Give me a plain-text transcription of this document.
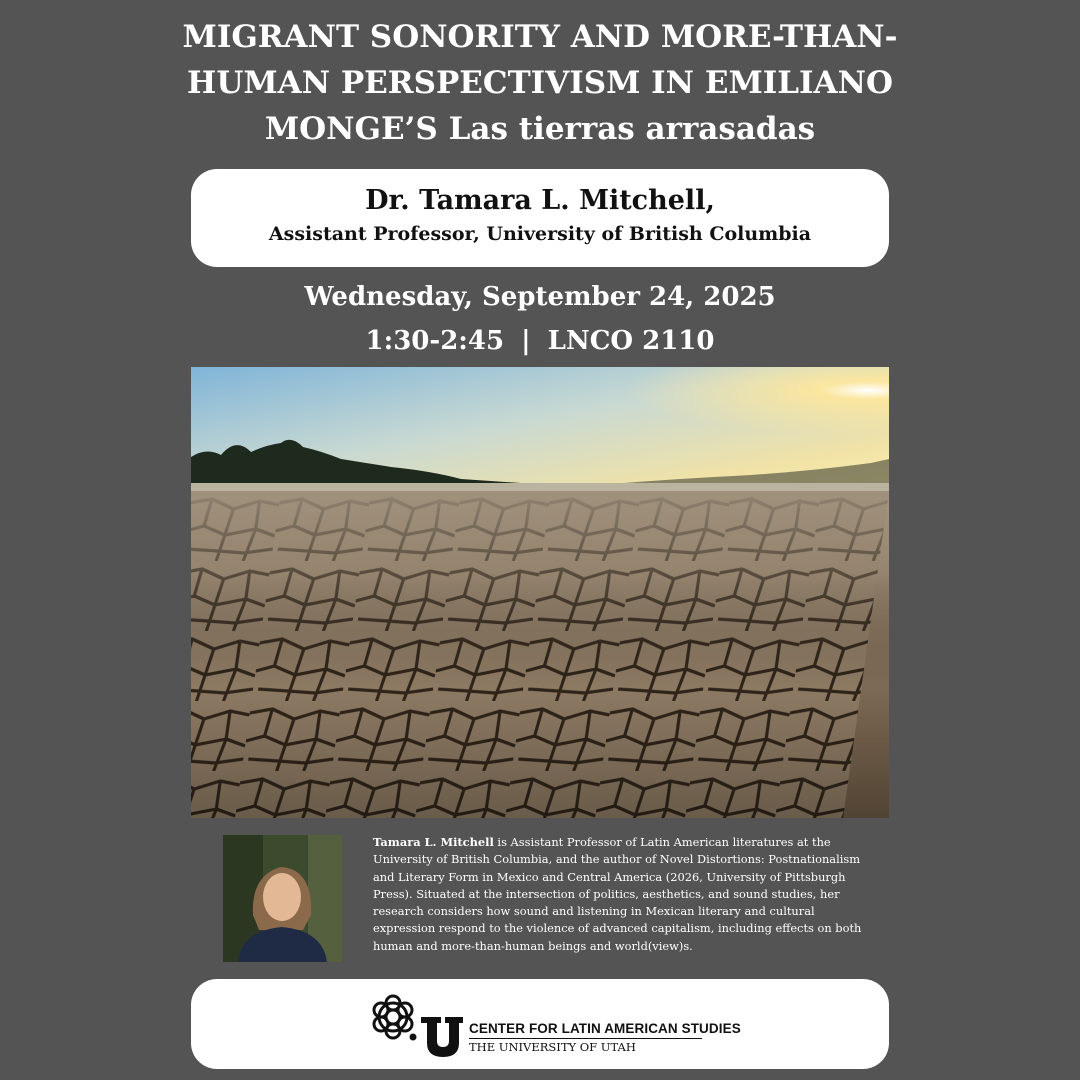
MIGRANT SONORITY AND MORE-THAN-
HUMAN PERSPECTIVISM IN EMILIANO
MONGE’S Las tierras arrasadas
Dr. Tamara L. Mitchell,
Assistant Professor, University of British Columbia
Wednesday, September 24, 2025
1:30-2:45 | LNCO 2110

Tamara L. Mitchell is Assistant Professor of Latin American literatures at the University of British Columbia, and the author of Novel Distortions: Postnationalism and Literary Form in Mexico and Central America (2026, University of Pittsburgh Press). Situated at the intersection of politics, aesthetics, and sound studies, her research considers how sound and listening in Mexican literary and cultural expression respond to the violence of advanced capitalism, including effects on both human and more-than-human beings and world(view)s.

CENTER FOR LATIN AMERICAN STUDIES
THE UNIVERSITY OF UTAH
